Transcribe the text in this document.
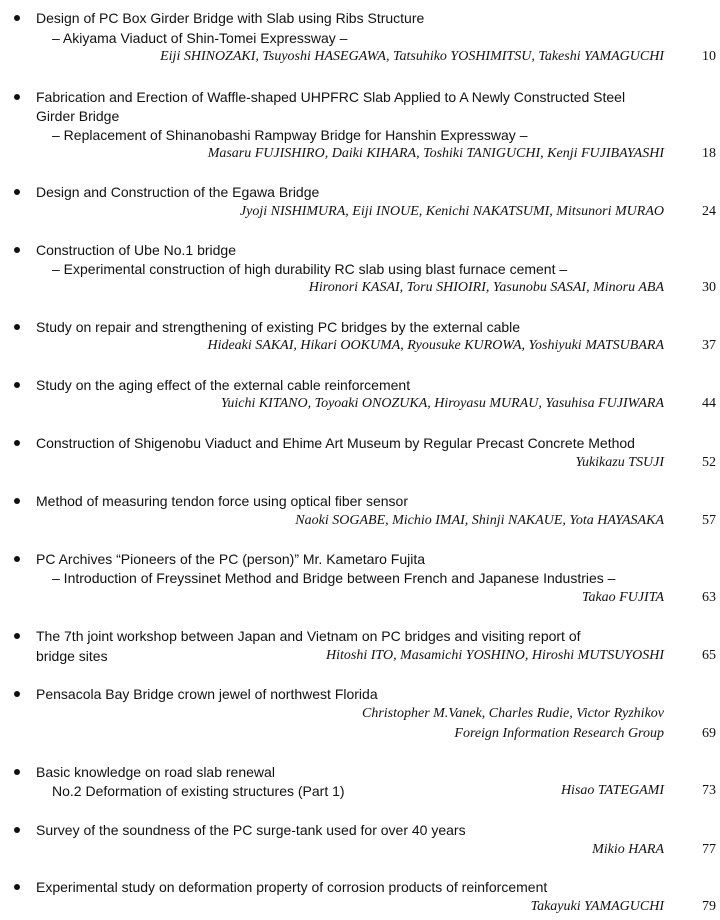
Design of PC Box Girder Bridge with Slab using Ribs Structure
– Akiyama Viaduct of Shin-Tomei Expressway –
Eiji SHINOZAKI, Tsuyoshi HASEGAWA, Tatsuhiko YOSHIMITSU, Takeshi YAMAGUCHI	10
Fabrication and Erection of Waffle-shaped UHPFRC Slab Applied to A Newly Constructed Steel
Girder Bridge
– Replacement of Shinanobashi Rampway Bridge for Hanshin Expressway –
Masaru FUJISHIRO, Daiki KIHARA, Toshiki TANIGUCHI, Kenji FUJIBAYASHI	18
Design and Construction of the Egawa Bridge
Jyoji NISHIMURA, Eiji INOUE, Kenichi NAKATSUMI, Mitsunori MURAO	24
Construction of Ube No.1 bridge
– Experimental construction of high durability RC slab using blast furnace cement –
Hironori KASAI, Toru SHIOIRI, Yasunobu SASAI, Minoru ABA	30
Study on repair and strengthening of existing PC bridges by the external cable
Hideaki SAKAI, Hikari OOKUMA, Ryousuke KUROWA, Yoshiyuki MATSUBARA	37
Study on the aging effect of the external cable reinforcement
Yuichi KITANO, Toyoaki ONOZUKA, Hiroyasu MURAU, Yasuhisa FUJIWARA	44
Construction of Shigenobu Viaduct and Ehime Art Museum by Regular Precast Concrete Method
Yukikazu TSUJI	52
Method of measuring tendon force using optical fiber sensor
Naoki SOGABE, Michio IMAI, Shinji NAKAUE, Yota HAYASAKA	57
PC Archives “Pioneers of the PC (person)” Mr. Kametaro Fujita
– Introduction of Freyssinet Method and Bridge between French and Japanese Industries –
Takao FUJITA	63
The 7th joint workshop between Japan and Vietnam on PC bridges and visiting report of
bridge sites	Hitoshi ITO, Masamichi YOSHINO, Hiroshi MUTSUYOSHI	65
Pensacola Bay Bridge crown jewel of northwest Florida
Christopher M.Vanek, Charles Rudie, Victor Ryzhikov
Foreign Information Research Group	69
Basic knowledge on road slab renewal
No.2 Deformation of existing structures (Part 1)	Hisao TATEGAMI	73
Survey of the soundness of the PC surge-tank used for over 40 years
Mikio HARA	77
Experimental study on deformation property of corrosion products of reinforcement
Takayuki YAMAGUCHI	79
